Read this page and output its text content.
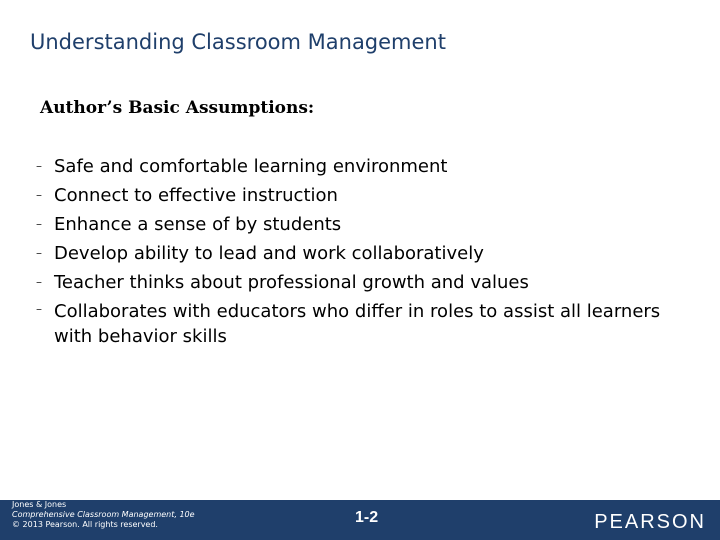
Understanding Classroom Management
Author’s Basic Assumptions:
– Safe and comfortable learning environment
– Connect to effective instruction
– Enhance a sense of by students
– Develop ability to lead and work collaboratively
– Teacher thinks about professional growth and values
– Collaborates with educators who differ in roles to assist all learners with behavior skills
Jones & Jones
Comprehensive Classroom Management, 10e
© 2013 Pearson. All rights reserved.	1-2	PEARSON
